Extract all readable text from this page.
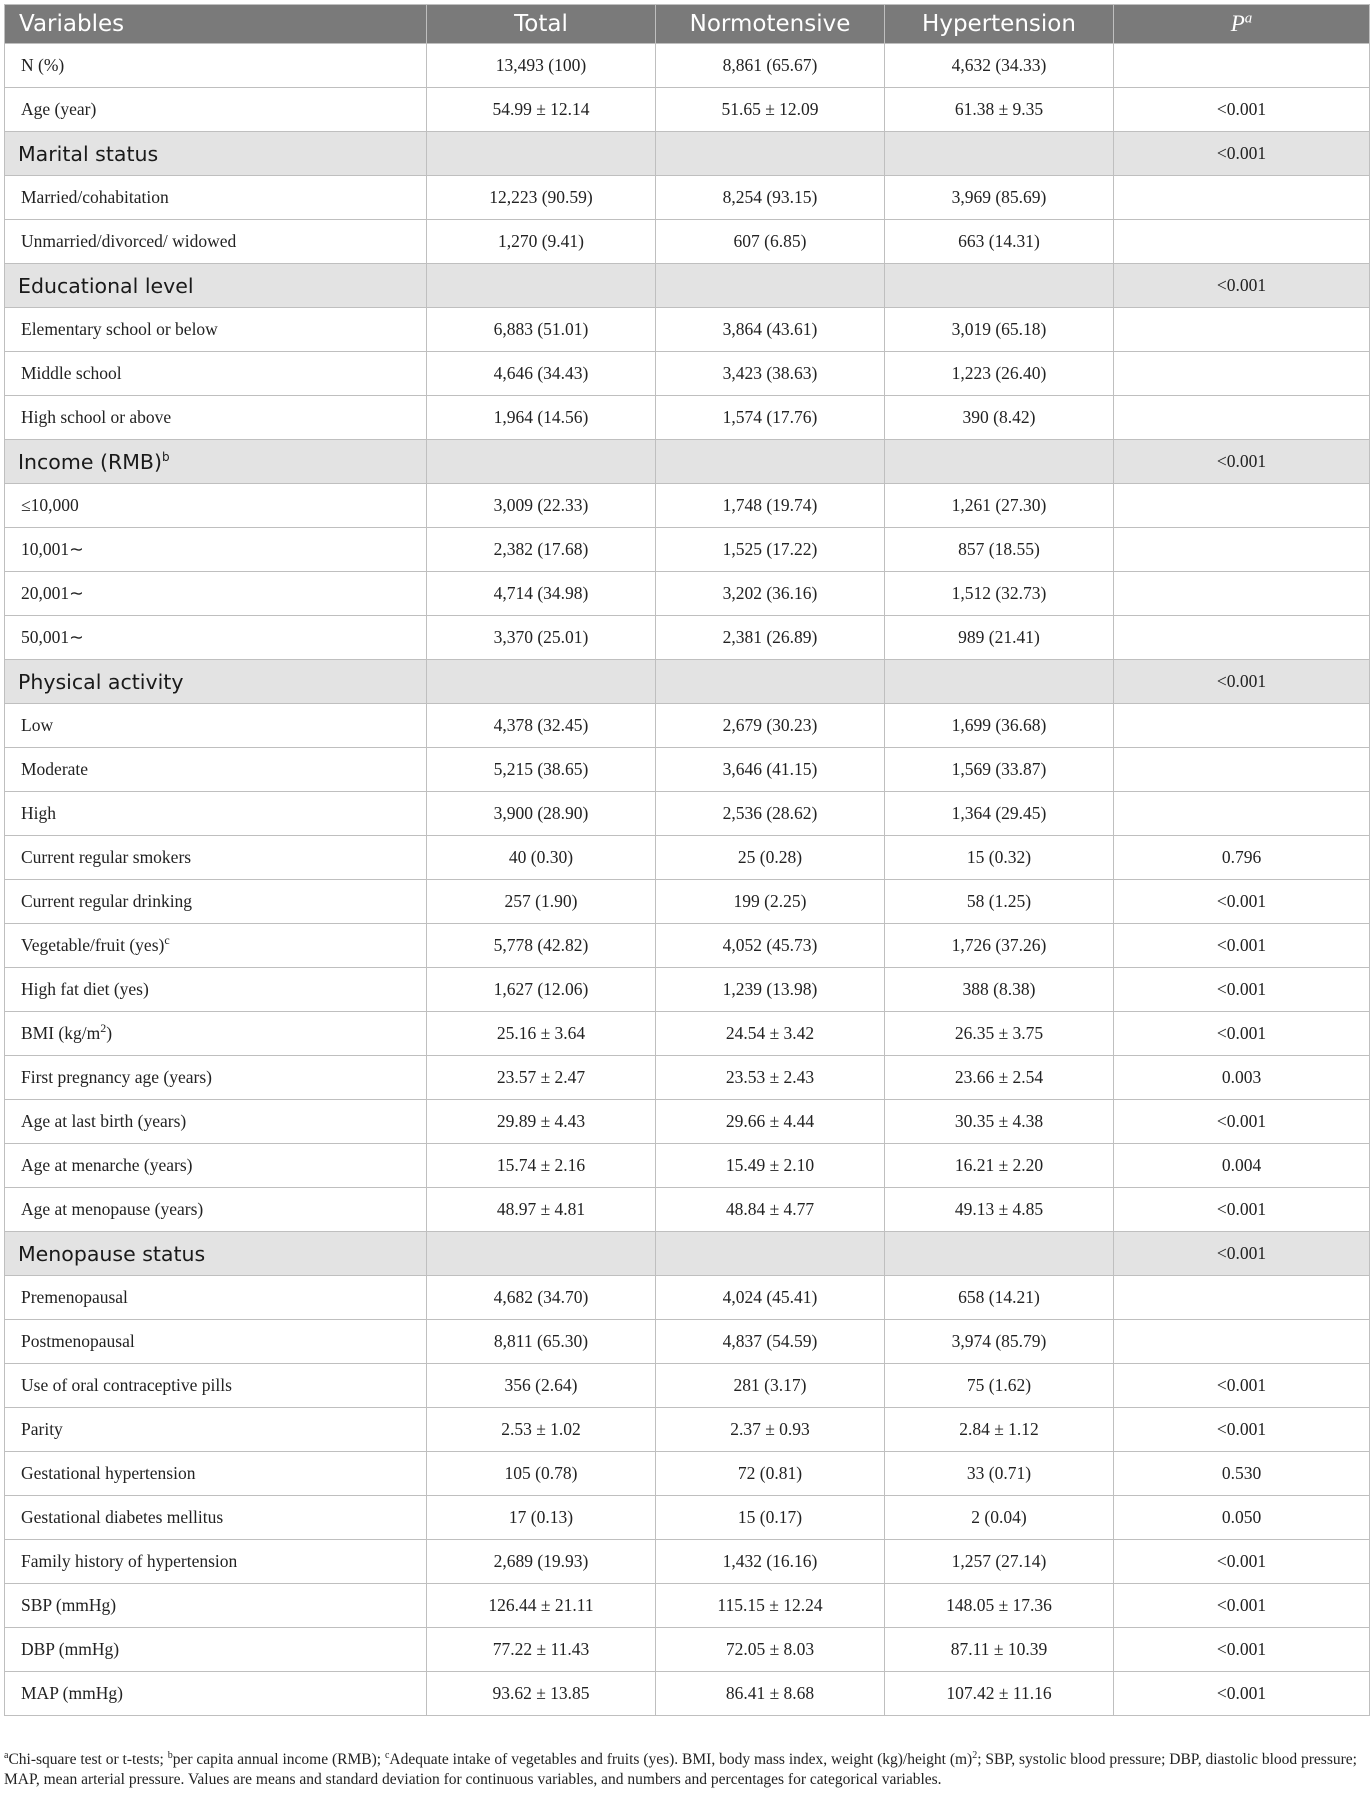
Variables	Total	Normotensive	Hypertension	$P^a$
N (%)	13,493 (100)	8,861 (65.67)	4,632 (34.33)	
Age (year)	54.99 ± 12.14	51.65 ± 12.09	61.38 ± 9.35	<0.001
Marital status				<0.001
Married/cohabitation	12,223 (90.59)	8,254 (93.15)	3,969 (85.69)	
Unmarried/divorced/ widowed	1,270 (9.41)	607 (6.85)	663 (14.31)	
Educational level				<0.001
Elementary school or below	6,883 (51.01)	3,864 (43.61)	3,019 (65.18)	
Middle school	4,646 (34.43)	3,423 (38.63)	1,223 (26.40)	
High school or above	1,964 (14.56)	1,574 (17.76)	390 (8.42)	
Income (RMB)$^b$				<0.001
≤10,000	3,009 (22.33)	1,748 (19.74)	1,261 (27.30)	
10,001∼	2,382 (17.68)	1,525 (17.22)	857 (18.55)	
20,001∼	4,714 (34.98)	3,202 (36.16)	1,512 (32.73)	
50,001∼	3,370 (25.01)	2,381 (26.89)	989 (21.41)	
Physical activity				<0.001
Low	4,378 (32.45)	2,679 (30.23)	1,699 (36.68)	
Moderate	5,215 (38.65)	3,646 (41.15)	1,569 (33.87)	
High	3,900 (28.90)	2,536 (28.62)	1,364 (29.45)	
Current regular smokers	40 (0.30)	25 (0.28)	15 (0.32)	0.796
Current regular drinking	257 (1.90)	199 (2.25)	58 (1.25)	<0.001
Vegetable/fruit (yes)$^c$	5,778 (42.82)	4,052 (45.73)	1,726 (37.26)	<0.001
High fat diet (yes)	1,627 (12.06)	1,239 (13.98)	388 (8.38)	<0.001
BMI $(kg/m^2)$	25.16 ± 3.64	24.54 ± 3.42	26.35 ± 3.75	<0.001
First pregnancy age (years)	23.57 ± 2.47	23.53 ± 2.43	23.66 ± 2.54	0.003
Age at last birth (years)	29.89 ± 4.43	29.66 ± 4.44	30.35 ± 4.38	<0.001
Age at menarche (years)	15.74 ± 2.16	15.49 ± 2.10	16.21 ± 2.20	0.004
Age at menopause (years)	48.97 ± 4.81	48.84 ± 4.77	49.13 ± 4.85	<0.001
Menopause status				<0.001
Premenopausal	4,682 (34.70)	4,024 (45.41)	658 (14.21)	
Postmenopausal	8,811 (65.30)	4,837 (54.59)	3,974 (85.79)	
Use of oral contraceptive pills	356 (2.64)	281 (3.17)	75 (1.62)	<0.001
Parity	2.53 ± 1.02	2.37 ± 0.93	2.84 ± 1.12	<0.001
Gestational hypertension	105 (0.78)	72 (0.81)	33 (0.71)	0.530
Gestational diabetes mellitus	17 (0.13)	15 (0.17)	2 (0.04)	0.050
Family history of hypertension	2,689 (19.93)	1,432 (16.16)	1,257 (27.14)	<0.001
SBP (mmHg)	126.44 ± 21.11	115.15 ± 12.24	148.05 ± 17.36	<0.001
DBP (mmHg)	77.22 ± 11.43	72.05 ± 8.03	87.11 ± 10.39	<0.001
MAP (mmHg)	93.62 ± 13.85	86.41 ± 8.68	107.42 ± 11.16	<0.001
$^a$Chi-square test or t-tests; $^b$per capita annual income (RMB); $^c$Adequate intake of vegetables and fruits (yes). BMI, body mass index, weight (kg)/height $(m)^2$; SBP, systolic blood pressure; DBP, diastolic blood pressure; MAP, mean arterial pressure. Values are means and standard deviation for continuous variables, and numbers and percentages for categorical variables.
